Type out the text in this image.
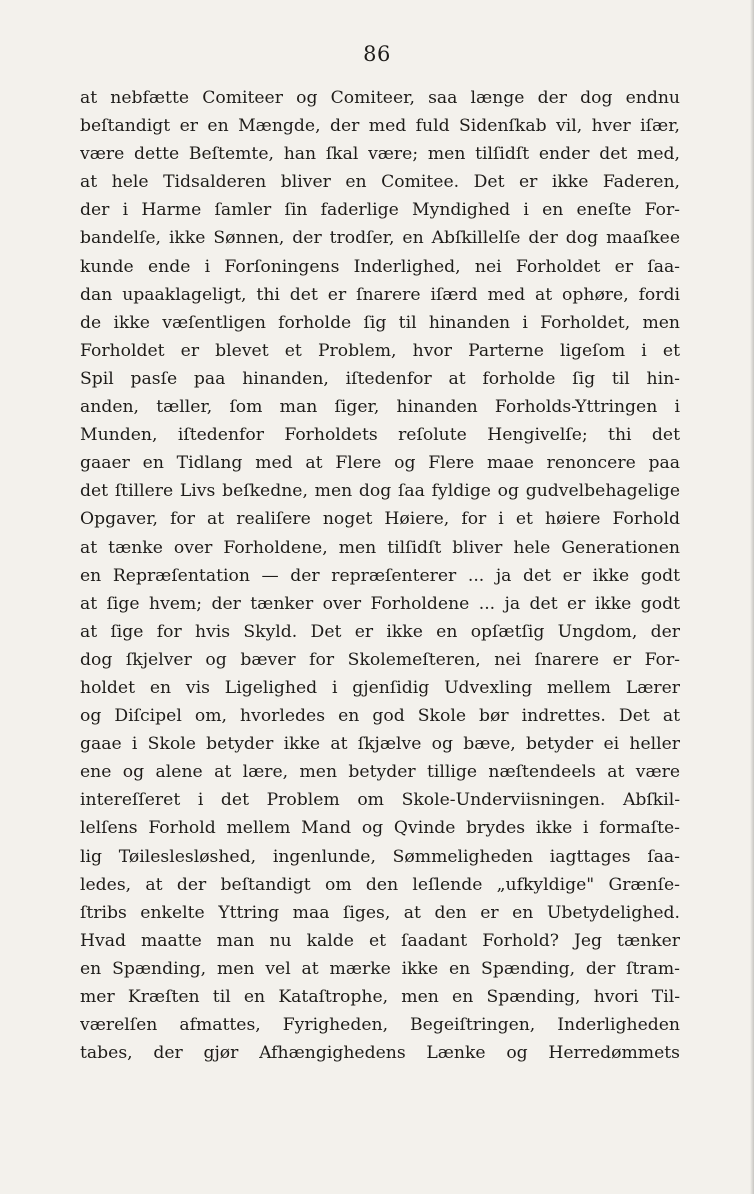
86
at nebfætte Comiteer og Comiteer, saa længe der dog endnu
beſtandigt er en Mængde, der med fuld Sidenſkab vil, hver iſær,
være dette Beſtemte, han ſkal være; men tilſidſt ender det med,
at hele Tidsalderen bliver en Comitee. Det er ikke Faderen,
der i Harme ſamler ſin faderlige Myndighed i en eneſte For-
bandelſe, ikke Sønnen, der trodſer, en Abſkillelſe der dog maaſkee
kunde ende i Forſoningens Inderlighed, nei Forholdet er ſaa-
dan upaaklageligt, thi det er ſnarere iſærd med at ophøre, fordi
de ikke væſentligen forholde ſig til hinanden i Forholdet, men
Forholdet er blevet et Problem, hvor Parterne ligeſom i et
Spil pasſe paa hinanden, iſtedenfor at forholde ſig til hin-
anden, tæller, ſom man ſiger, hinanden Forholds-Yttringen i
Munden, iſtedenfor Forholdets reſolute Hengivelſe; thi det
gaaer en Tidlang med at Flere og Flere maae renoncere paa
det ſtillere Livs beſkedne, men dog ſaa fyldige og gudvelbehagelige
Opgaver, for at realiſere noget Høiere, for i et høiere Forhold
at tænke over Forholdene, men tilſidſt bliver hele Generationen
en Repræſentation — der repræſenterer ... ja det er ikke godt
at ſige hvem; der tænker over Forholdene ... ja det er ikke godt
at ſige for hvis Skyld. Det er ikke en opſætſig Ungdom, der
dog ſkjelver og bæver for Skolemeſteren, nei ſnarere er For-
holdet en vis Ligelighed i gjenſidig Udvexling mellem Lærer
og Diſcipel om, hvorledes en god Skole bør indrettes. Det at
gaae i Skole betyder ikke at ſkjælve og bæve, betyder ei heller
ene og alene at lære, men betyder tillige næſtendeels at være
intereſſeret i det Problem om Skole-Underviisningen. Abſkil-
lelſens Forhold mellem Mand og Qvinde brydes ikke i formaſte-
lig Tøileslesløshed, ingenlunde, Sømmeligheden iagttages ſaa-
ledes, at der beſtandigt om den leſlende „ufkyldige" Grænſe-
ſtribs enkelte Yttring maa ſiges, at den er en Ubetydelighed.
Hvad maatte man nu kalde et ſaadant Forhold? Jeg tænker
en Spænding, men vel at mærke ikke en Spænding, der ſtram-
mer Kræſten til en Kataſtrophe, men en Spænding, hvori Til-
værelſen afmattes, Fyrigheden, Begeiſtringen, Inderligheden
tabes, der gjør Afhængighedens Lænke og Herredømmets
